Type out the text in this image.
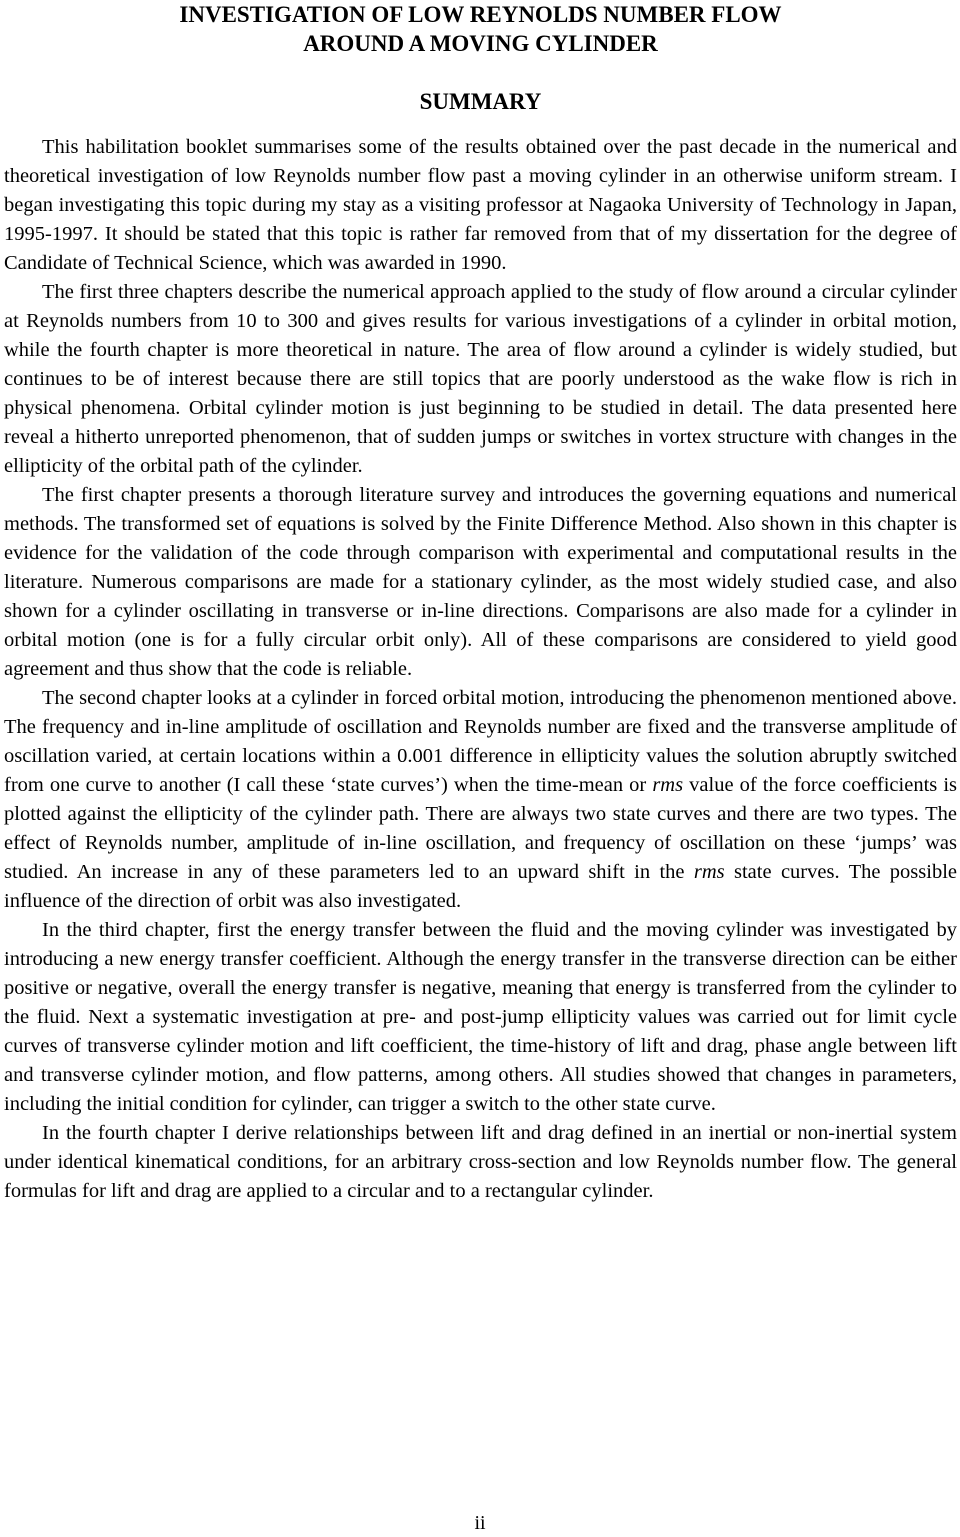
INVESTIGATION OF LOW REYNOLDS NUMBER FLOW
AROUND A MOVING CYLINDER
SUMMARY

This habilitation booklet summarises some of the results obtained over the past decade in the numerical and theoretical investigation of low Reynolds number flow past a moving cylinder in an otherwise uniform stream. I began investigating this topic during my stay as a visiting professor at Nagaoka University of Technology in Japan, 1995-1997. It should be stated that this topic is rather far removed from that of my dissertation for the degree of Candidate of Technical Science, which was awarded in 1990.

The first three chapters describe the numerical approach applied to the study of flow around a circular cylinder at Reynolds numbers from 10 to 300 and gives results for various investigations of a cylinder in orbital motion, while the fourth chapter is more theoretical in nature. The area of flow around a cylinder is widely studied, but continues to be of interest because there are still topics that are poorly understood as the wake flow is rich in physical phenomena. Orbital cylinder motion is just beginning to be studied in detail. The data presented here reveal a hitherto unreported phenomenon, that of sudden jumps or switches in vortex structure with changes in the ellipticity of the orbital path of the cylinder.

The first chapter presents a thorough literature survey and introduces the governing equations and numerical methods. The transformed set of equations is solved by the Finite Difference Method. Also shown in this chapter is evidence for the validation of the code through comparison with experimental and computational results in the literature. Numerous comparisons are made for a stationary cylinder, as the most widely studied case, and also shown for a cylinder oscillating in transverse or in-line directions. Comparisons are also made for a cylinder in orbital motion (one is for a fully circular orbit only). All of these comparisons are considered to yield good agreement and thus show that the code is reliable.

The second chapter looks at a cylinder in forced orbital motion, introducing the phenomenon mentioned above. The frequency and in-line amplitude of oscillation and Reynolds number are fixed and the transverse amplitude of oscillation varied, at certain locations within a 0.001 difference in ellipticity values the solution abruptly switched from one curve to another (I call these ‘state curves’) when the time-mean or rms value of the force coefficients is plotted against the ellipticity of the cylinder path. There are always two state curves and there are two types. The effect of Reynolds number, amplitude of in-line oscillation, and frequency of oscillation on these ‘jumps’ was studied. An increase in any of these parameters led to an upward shift in the rms state curves. The possible influence of the direction of orbit was also investigated.

In the third chapter, first the energy transfer between the fluid and the moving cylinder was investigated by introducing a new energy transfer coefficient. Although the energy transfer in the transverse direction can be either positive or negative, overall the energy transfer is negative, meaning that energy is transferred from the cylinder to the fluid. Next a systematic investigation at pre- and post-jump ellipticity values was carried out for limit cycle curves of transverse cylinder motion and lift coefficient, the time-history of lift and drag, phase angle between lift and transverse cylinder motion, and flow patterns, among others. All studies showed that changes in parameters, including the initial condition for cylinder, can trigger a switch to the other state curve.

In the fourth chapter I derive relationships between lift and drag defined in an inertial or non-inertial system under identical kinematical conditions, for an arbitrary cross-section and low Reynolds number flow. The general formulas for lift and drag are applied to a circular and to a rectangular cylinder.

ii
